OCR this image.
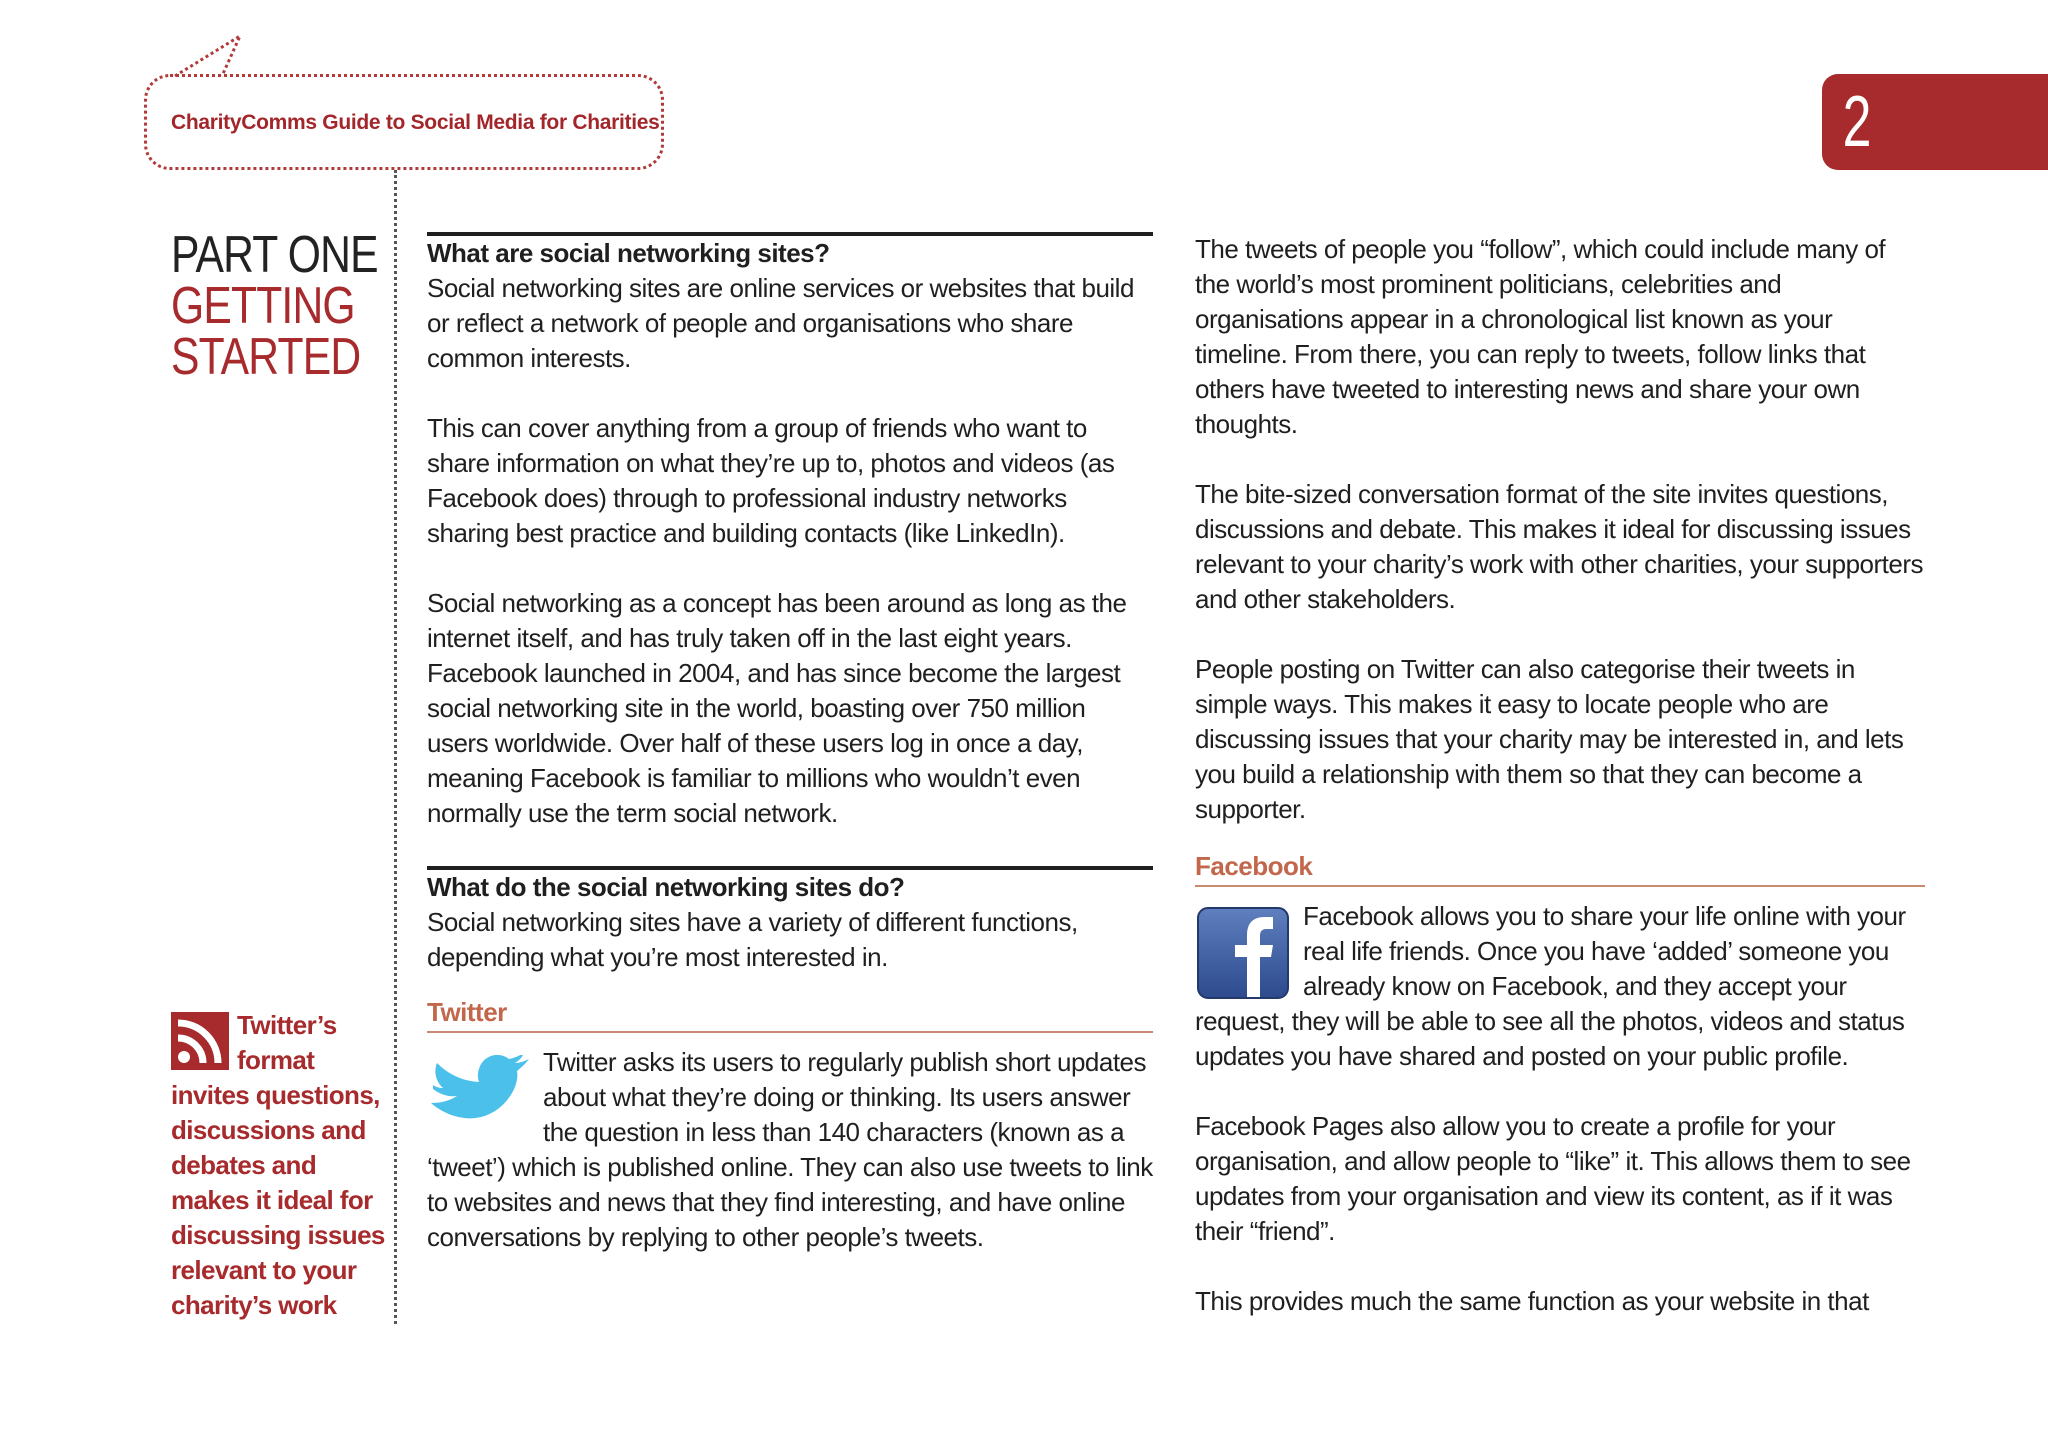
CharityComms Guide to Social Media for Charities	2
PART ONE
GETTING
STARTED
Twitter’s format invites questions, discussions and debates and makes it ideal for discussing issues relevant to your charity’s work

What are social networking sites?

Social networking sites are online services or websites that build or reflect a network of people and organisations who share common interests.

This can cover anything from a group of friends who want to share information on what they’re up to, photos and videos (as Facebook does) through to professional industry networks sharing best practice and building contacts (like LinkedIn).

Social networking as a concept has been around as long as the internet itself, and has truly taken off in the last eight years. Facebook launched in 2004, and has since become the largest social networking site in the world, boasting over 750 million users worldwide. Over half of these users log in once a day, meaning Facebook is familiar to millions who wouldn’t even normally use the term social network.

What do the social networking sites do?

Social networking sites have a variety of different functions, depending what you’re most interested in.

Twitter

Twitter asks its users to regularly publish short updates about what they’re doing or thinking. Its users answer the question in less than 140 characters (known as a ‘tweet’) which is published online. They can also use tweets to link to websites and news that they find interesting, and have online conversations by replying to other people’s tweets.

The tweets of people you “follow”, which could include many of the world’s most prominent politicians, celebrities and organisations appear in a chronological list known as your timeline. From there, you can reply to tweets, follow links that others have tweeted to interesting news and share your own thoughts.

The bite-sized conversation format of the site invites questions, discussions and debate. This makes it ideal for discussing issues relevant to your charity’s work with other charities, your supporters and other stakeholders.

People posting on Twitter can also categorise their tweets in simple ways. This makes it easy to locate people who are discussing issues that your charity may be interested in, and lets you build a relationship with them so that they can become a supporter.

Facebook

Facebook allows you to share your life online with your real life friends. Once you have ‘added’ someone you already know on Facebook, and they accept your request, they will be able to see all the photos, videos and status updates you have shared and posted on your public profile.

Facebook Pages also allow you to create a profile for your organisation, and allow people to “like” it. This allows them to see updates from your organisation and view its content, as if it was their “friend”.

This provides much the same function as your website in that
